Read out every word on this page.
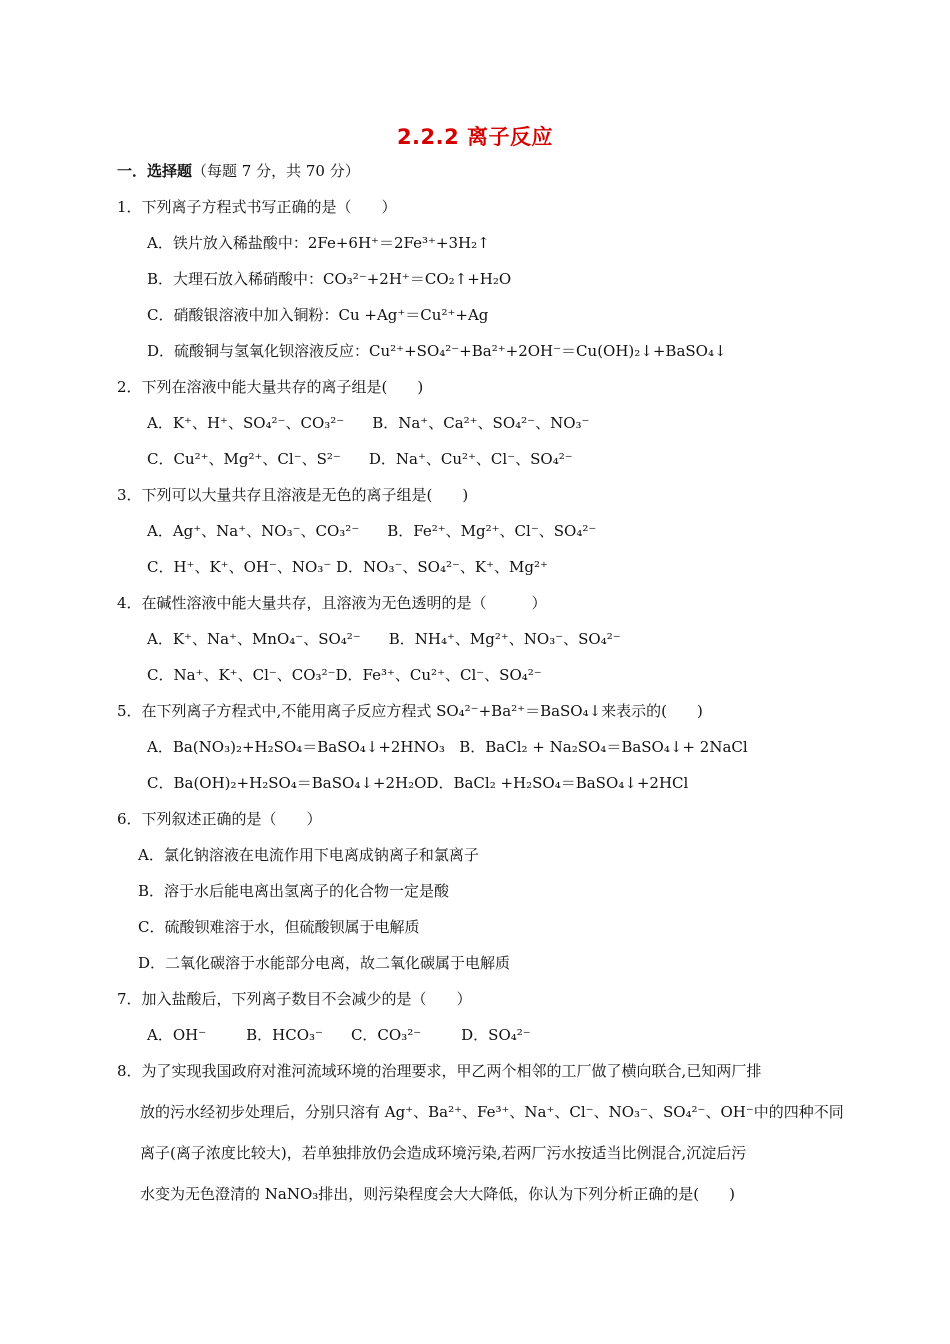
2.2.2 离子反应
一．选择题（每题 7 分，共 70 分）
1．下列离子方程式书写正确的是（　　）
A．铁片放入稀盐酸中：2Fe+6H⁺＝2Fe³⁺+3H₂↑
B．大理石放入稀硝酸中：CO₃²⁻+2H⁺＝CO₂↑+H₂O
C．硝酸银溶液中加入铜粉：Cu +Ag⁺＝Cu²⁺+Ag
D．硫酸铜与氢氧化钡溶液反应：Cu²⁺+SO₄²⁻+Ba²⁺+2OH⁻＝Cu(OH)₂↓+BaSO₄↓
2．下列在溶液中能大量共存的离子组是(　　)
A．K⁺、H⁺、SO₄²⁻、CO₃²⁻ B．Na⁺、Ca²⁺、SO₄²⁻、NO₃⁻
C．Cu²⁺、Mg²⁺、Cl⁻、S²⁻ D．Na⁺、Cu²⁺、Cl⁻、SO₄²⁻
3．下列可以大量共存且溶液是无色的离子组是(　　)
A．Ag⁺、Na⁺、NO₃⁻、CO₃²⁻ B．Fe²⁺、Mg²⁺、Cl⁻、SO₄²⁻
C．H⁺、K⁺、OH⁻、NO₃⁻ D．NO₃⁻、SO₄²⁻、K⁺、Mg²⁺
4．在碱性溶液中能大量共存，且溶液为无色透明的是（　　　）
A．K⁺、Na⁺、MnO₄⁻、SO₄²⁻ B．NH₄⁺、Mg²⁺、NO₃⁻、SO₄²⁻
C．Na⁺、K⁺、Cl⁻、CO₃²⁻D．Fe³⁺、Cu²⁺、Cl⁻、SO₄²⁻
5．在下列离子方程式中,不能用离子反应方程式 SO₄²⁻+Ba²⁺＝BaSO₄↓来表示的(　　)
A．Ba(NO₃)₂+H₂SO₄＝BaSO₄↓+2HNO₃ B．BaCl₂ + Na₂SO₄＝BaSO₄↓+ 2NaCl
C．Ba(OH)₂+H₂SO₄＝BaSO₄↓+2H₂OD．BaCl₂ +H₂SO₄＝BaSO₄↓+2HCl
6．下列叙述正确的是（　　）
A．氯化钠溶液在电流作用下电离成钠离子和氯离子
B．溶于水后能电离出氢离子的化合物一定是酸
C．硫酸钡难溶于水，但硫酸钡属于电解质
D．二氧化碳溶于水能部分电离，故二氧化碳属于电解质
7．加入盐酸后，下列离子数目不会减少的是（　　）
A．OH⁻	B．HCO₃⁻ C．CO₃²⁻	D．SO₄²⁻
8．为了实现我国政府对淮河流域环境的治理要求，甲乙两个相邻的工厂做了横向联合,已知两厂排
放的污水经初步处理后，分别只溶有 Ag⁺、Ba²⁺、Fe³⁺、Na⁺、Cl⁻、NO₃⁻、SO₄²⁻、OH⁻中的四种不同
离子(离子浓度比较大)，若单独排放仍会造成环境污染,若两厂污水按适当比例混合,沉淀后污
水变为无色澄清的 NaNO₃排出，则污染程度会大大降低，你认为下列分析正确的是(　　)
